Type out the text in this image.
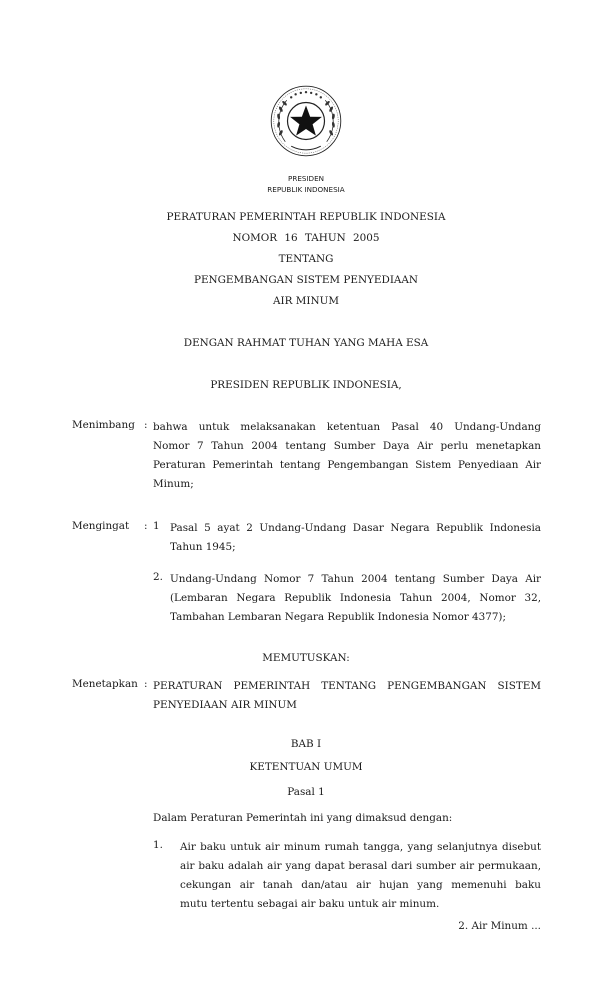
PRESIDEN
REPUBLIK INDONESIA
PERATURAN PEMERINTAH REPUBLIK INDONESIA
NOMOR 16 TAHUN 2005
TENTANG
PENGEMBANGAN SISTEM PENYEDIAAN
AIR MINUM
DENGAN RAHMAT TUHAN YANG MAHA ESA
PRESIDEN REPUBLIK INDONESIA,
Menimbang : bahwa untuk melaksanakan ketentuan Pasal 40 Undang-Undang
Nomor 7 Tahun 2004 tentang Sumber Daya Air perlu menetapkan
Peraturan Pemerintah tentang Pengembangan Sistem Penyediaan Air
Minum;
Mengingat	: 1 Pasal 5 ayat 2 Undang-Undang Dasar Negara Republik Indonesia
Tahun 1945;
2. Undang-Undang Nomor 7 Tahun 2004 tentang Sumber Daya Air
(Lembaran Negara Republik Indonesia Tahun 2004, Nomor 32,
Tambahan Lembaran Negara Republik Indonesia Nomor 4377);
MEMUTUSKAN:
Menetapkan : PERATURAN PEMERINTAH TENTANG PENGEMBANGAN SISTEM
PENYEDIAAN AIR MINUM
BAB I
KETENTUAN UMUM
Pasal 1
Dalam Peraturan Pemerintah ini yang dimaksud dengan:
1.	Air baku untuk air minum rumah tangga, yang selanjutnya disebut
air baku adalah air yang dapat berasal dari sumber air permukaan,
cekungan air tanah dan/atau air hujan yang memenuhi baku
mutu tertentu sebagai air baku untuk air minum.
2. Air Minum ...
